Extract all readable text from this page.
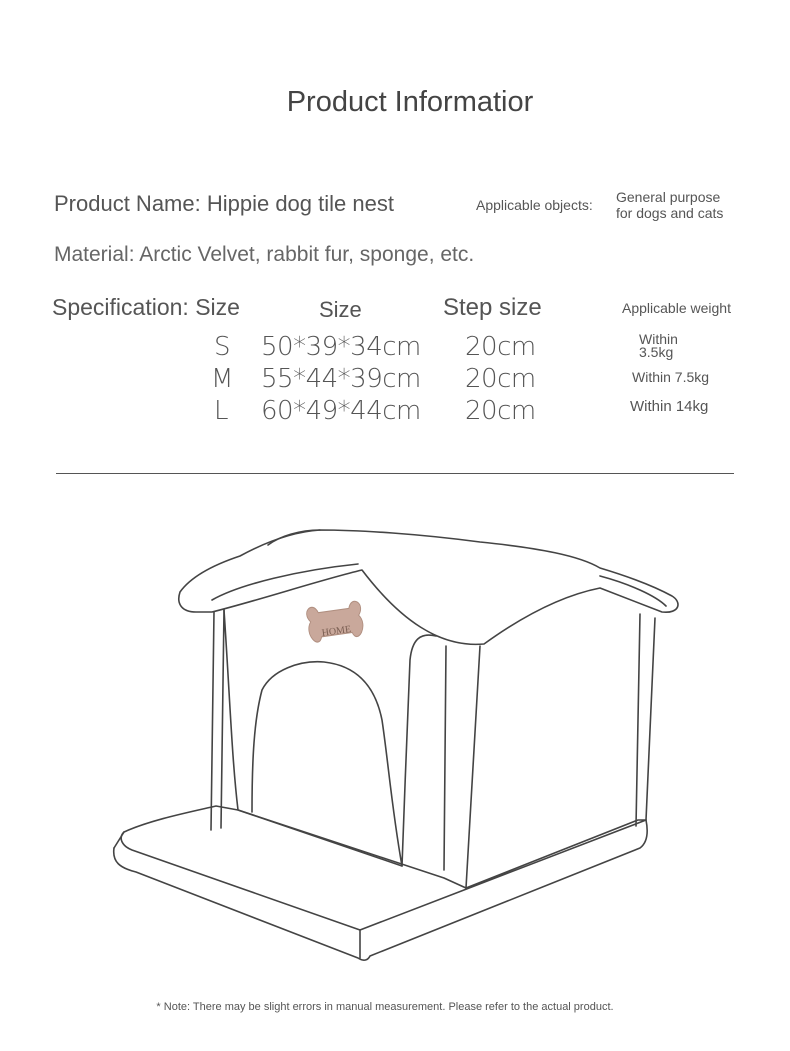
Product Informatior
Product Name: Hippie dog tile nest	Applicable objects: General purpose
for dogs and cats
Material: Arctic Velvet, rabbit fur, sponge, etc.
Specification: Size	Size	Step size	Applicable weight
S 50*39*34cm 20cm	Within
3.5kg
M 55*44*39cm 20cm	Within 7.5kg
L 60*49*44cm 20cm	Within 14kg
HOME
* Note: There may be slight errors in manual measurement. Please refer to the actual product.
